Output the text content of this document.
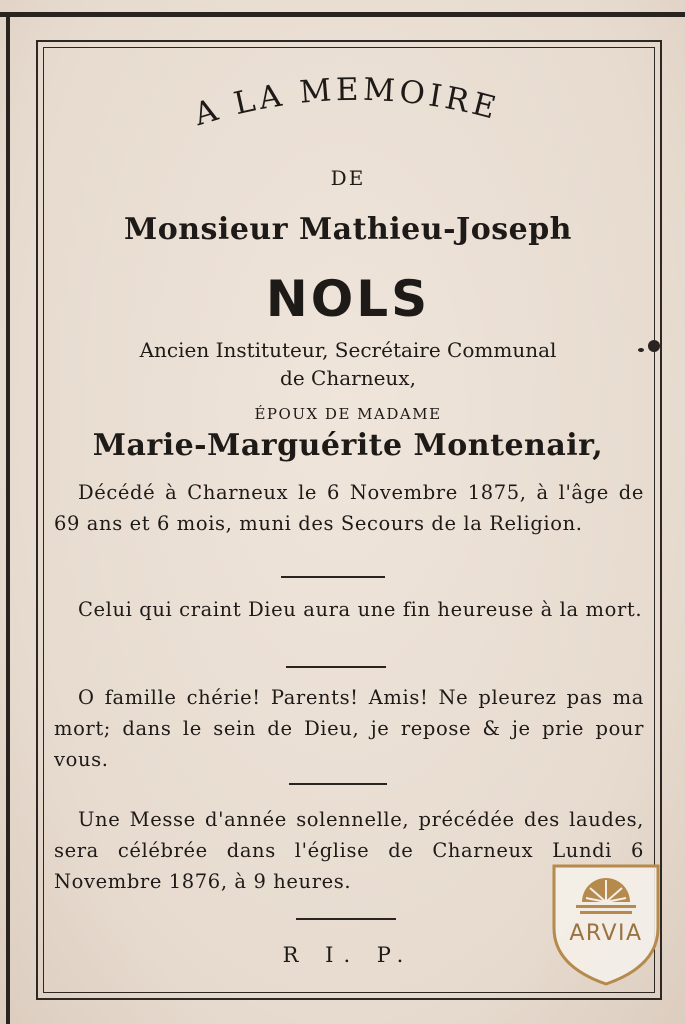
A LA MEMOIRE
DE
Monsieur Mathieu-Joseph
NOLS
Ancien Instituteur, Secrétaire Communal
de Charneux,
ÉPOUX DE MADAME
Marie-Marguérite Montenair,
Décédé à Charneux le 6 Novembre 1875, à l'âge de 69 ans et 6 mois, muni des Secours de la Religion.
Celui qui craint Dieu aura une fin heureuse à la mort.
O famille chérie! Parents! Amis! Ne pleurez pas ma mort; dans le sein de Dieu, je repose & je prie pour vous.
Une Messe d'année solennelle, précédée des laudes, sera célébrée dans l'église de Charneux Lundi 6 Novembre 1876, à 9 heures.
R I. P.
ARVIA
